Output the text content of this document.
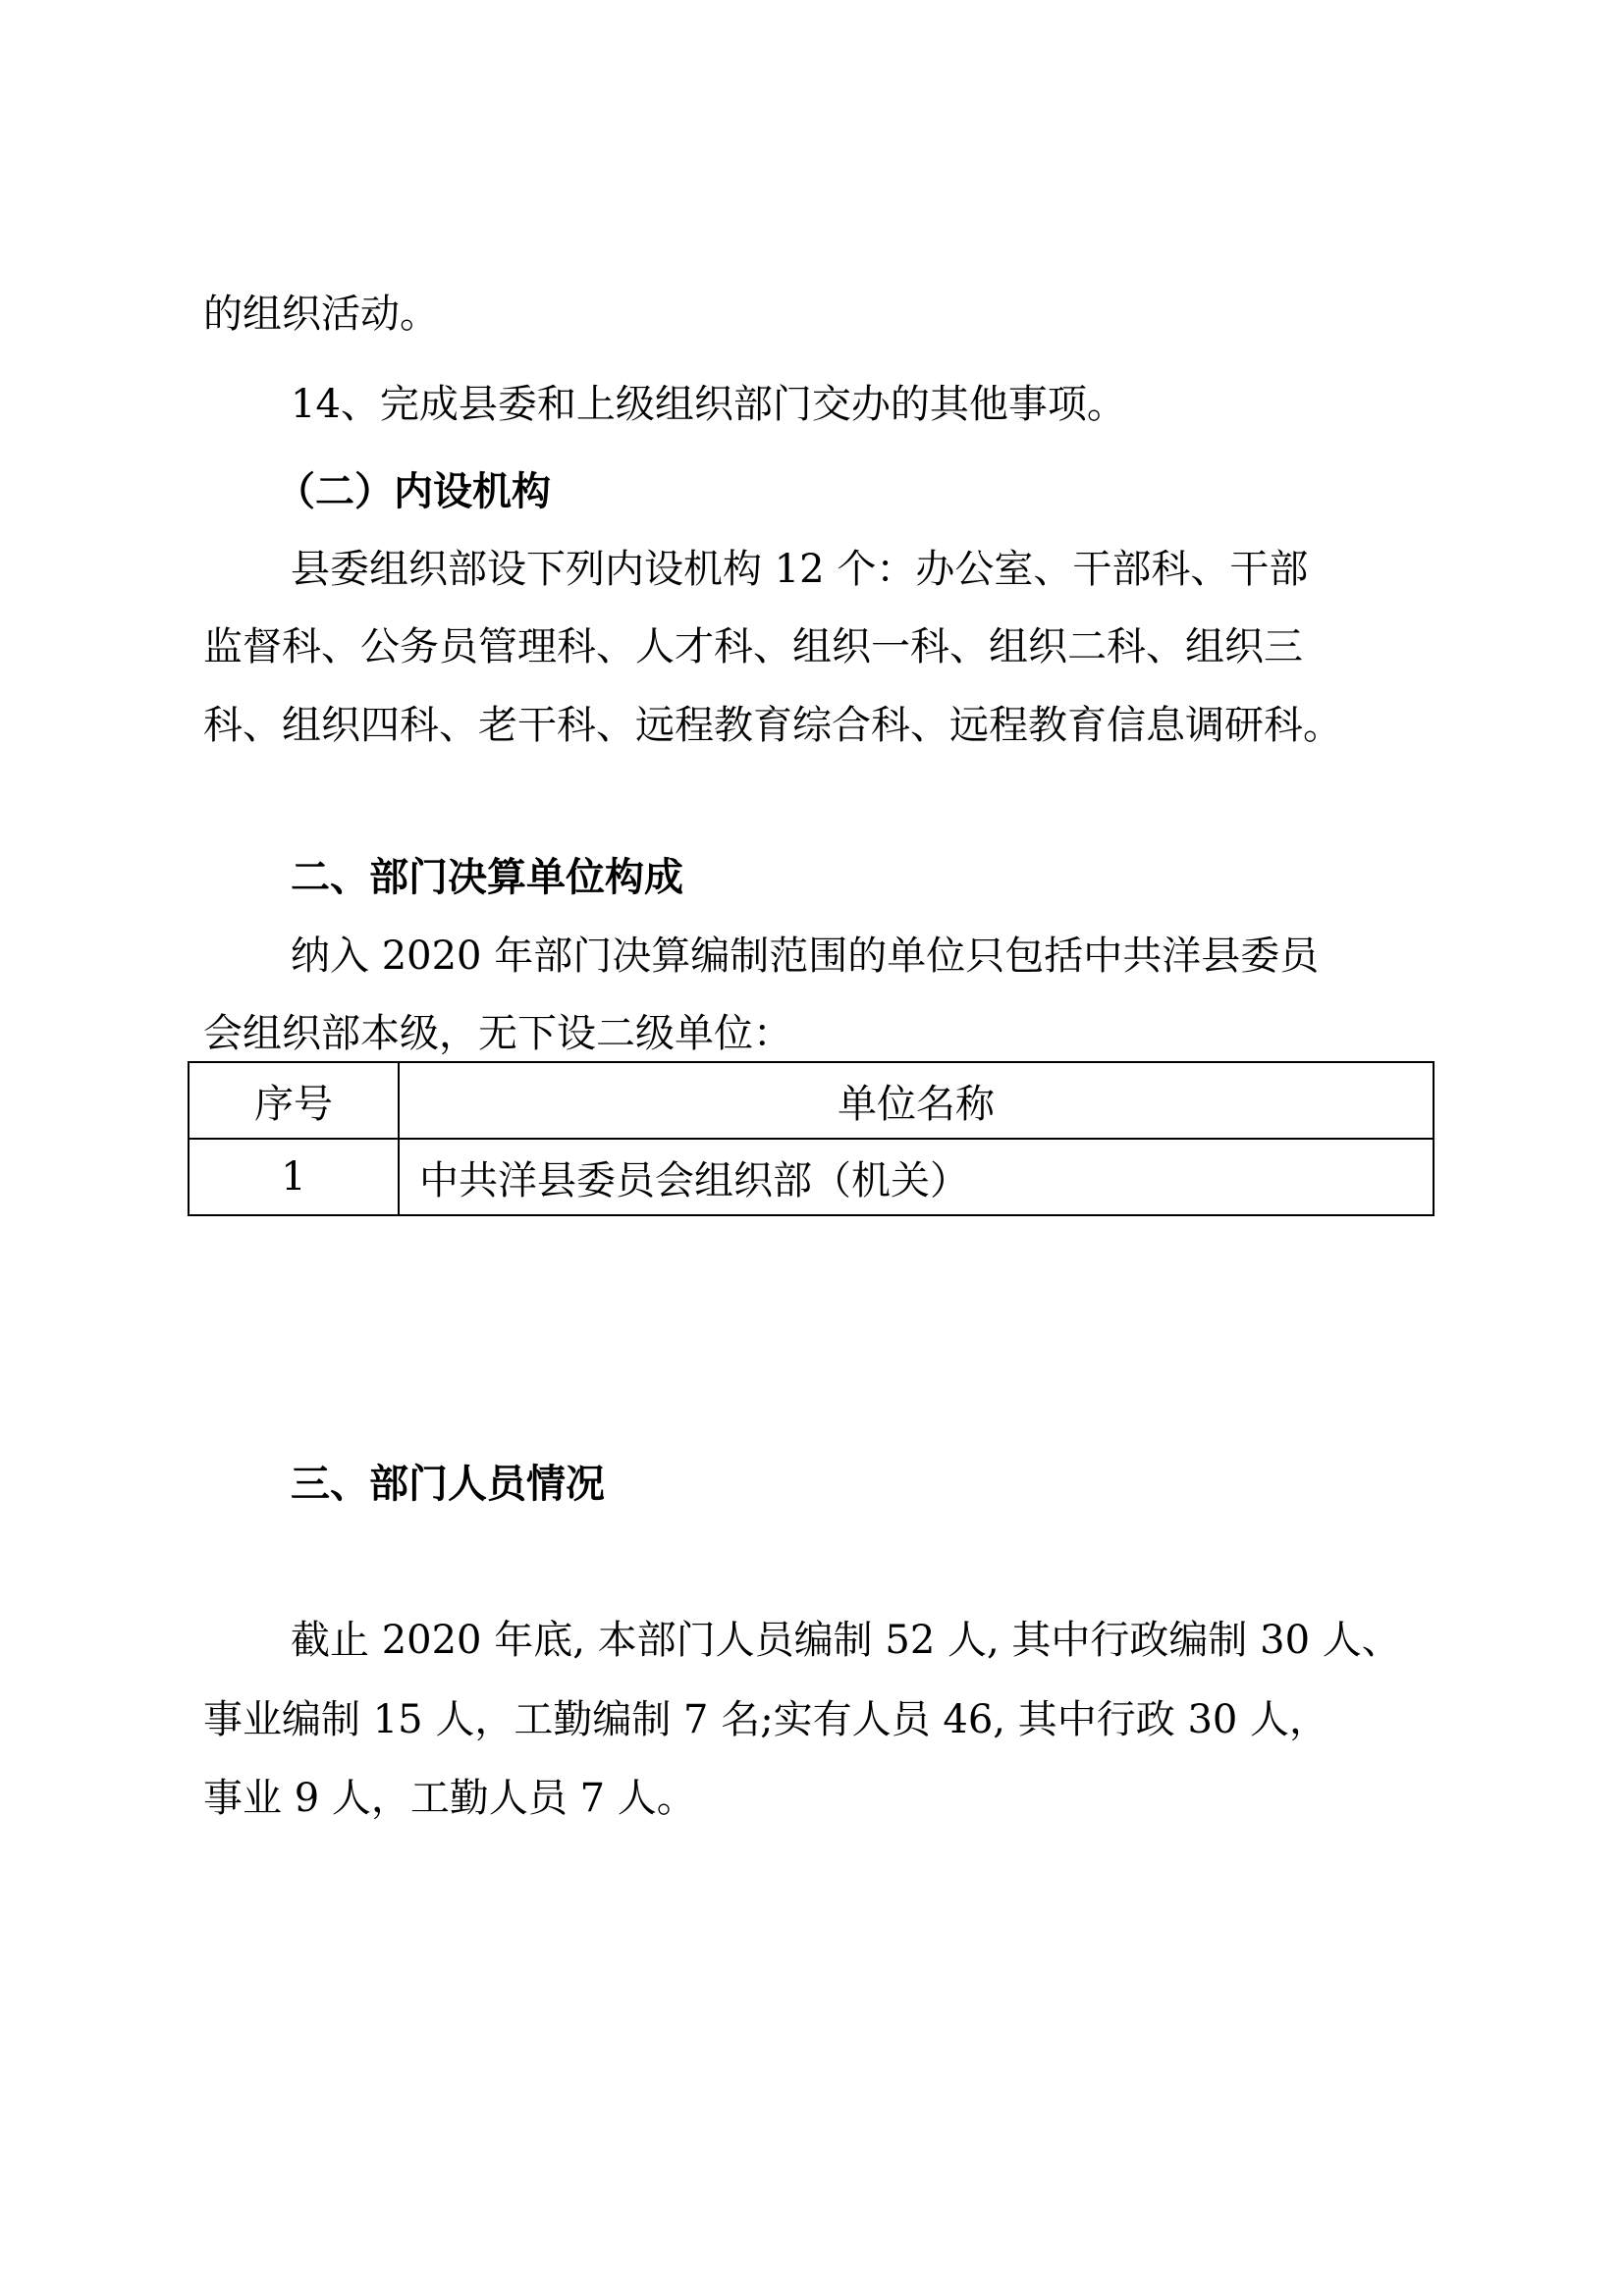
的组织活动。

14、完成县委和上级组织部门交办的其他事项。

（二）内设机构

县委组织部设下列内设机构 12 个：办公室、干部科、干部

监督科、公务员管理科、人才科、组织一科、组织二科、组织三

科、组织四科、老干科、远程教育综合科、远程教育信息调研科。

二、部门决算单位构成

纳入 2020 年部门决算编制范围的单位只包括中共洋县委员

会组织部本级，无下设二级单位：

序号	单位名称
1	中共洋县委员会组织部（机关）

三、部门人员情况

截止 2020 年底, 本部门人员编制 52 人, 其中行政编制 30 人、

事业编制 15 人，工勤编制 7 名;实有人员 46, 其中行政 30 人，

事业 9 人，工勤人员 7 人。
